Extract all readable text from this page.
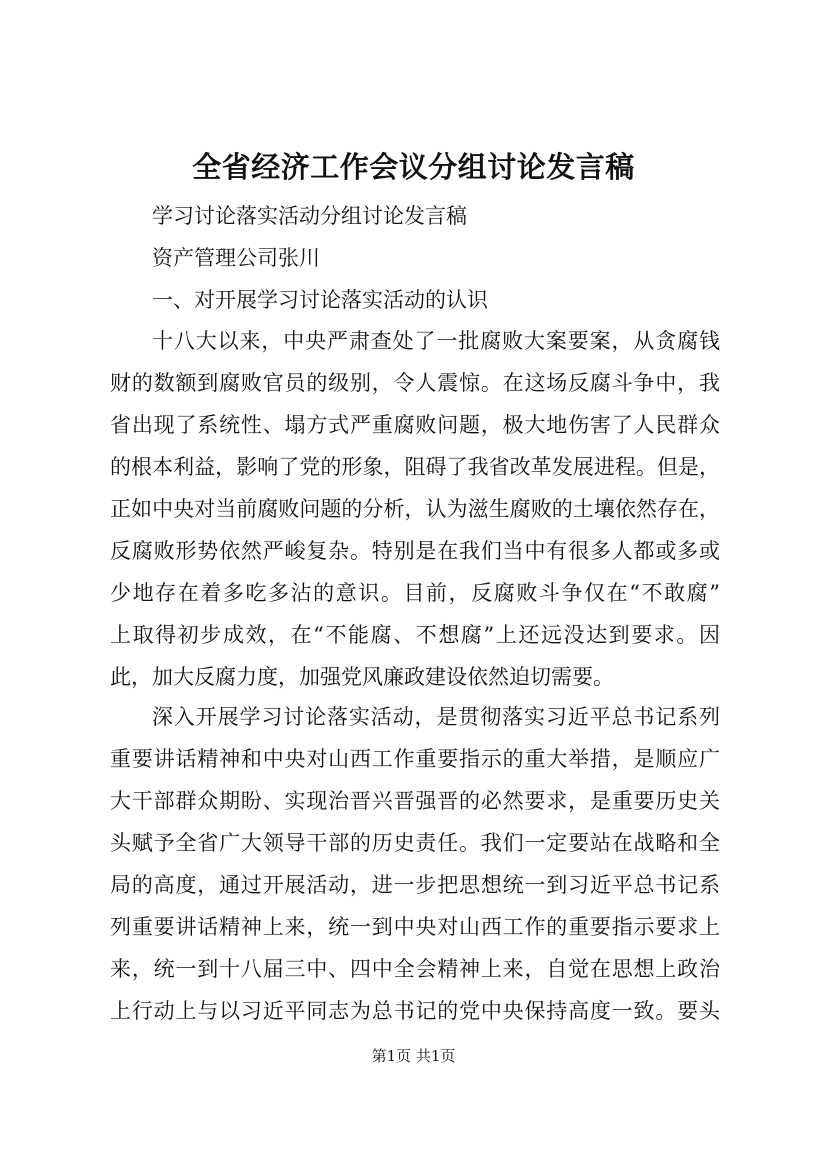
全省经济工作会议分组讨论发言稿
学习讨论落实活动分组讨论发言稿
资产管理公司张川
一、对开展学习讨论落实活动的认识
十八大以来，中央严肃查处了一批腐败大案要案，从贪腐钱
财的数额到腐败官员的级别，令人震惊。在这场反腐斗争中，我
省出现了系统性、塌方式严重腐败问题，极大地伤害了人民群众
的根本利益，影响了党的形象，阻碍了我省改革发展进程。但是，
正如中央对当前腐败问题的分析，认为滋生腐败的土壤依然存在，
反腐败形势依然严峻复杂。特别是在我们当中有很多人都或多或
少地存在着多吃多沾的意识。目前，反腐败斗争仅在“不敢腐”
上取得初步成效，在“不能腐、不想腐”上还远没达到要求。因
此，加大反腐力度，加强党风廉政建设依然迫切需要。
深入开展学习讨论落实活动，是贯彻落实习近平总书记系列
重要讲话精神和中央对山西工作重要指示的重大举措，是顺应广
大干部群众期盼、实现治晋兴晋强晋的必然要求，是重要历史关
头赋予全省广大领导干部的历史责任。我们一定要站在战略和全
局的高度，通过开展活动，进一步把思想统一到习近平总书记系
列重要讲话精神上来，统一到中央对山西工作的重要指示要求上
来，统一到十八届三中、四中全会精神上来，自觉在思想上政治
上行动上与以习近平同志为总书记的党中央保持高度一致。要头
第1页 共1页
